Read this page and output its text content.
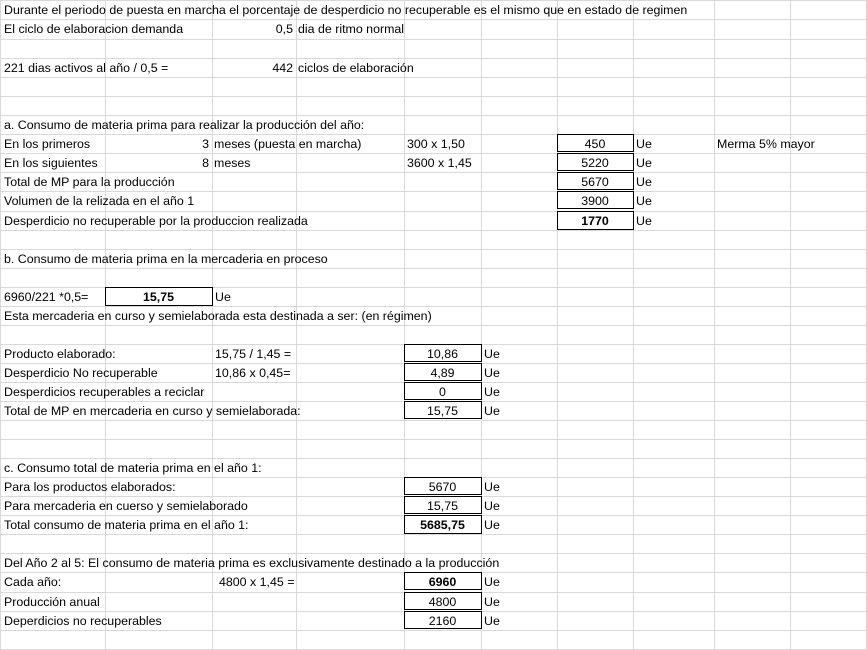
Durante el periodo de puesta en marcha el porcentaje de desperdicio no recuperable es el mismo que en estado de regimen
El ciclo de elaboracion demanda	0,5 dia de ritmo normal
221 dias activos al año / 0,5 =	442 ciclos de elaboración
a. Consumo de materia prima para realizar la producción del año:
En los primeros	3 meses (puesta en marcha)	300 x 1,50	450	Ue	Merma 5% mayor
En los siguientes	8 meses	3600 x 1,45	5220	Ue
Total de MP para la producción	5670	Ue
Volumen de la relizada en el año 1	3900	Ue
Desperdicio no recuperable por la produccion realizada	1770	Ue
b. Consumo de materia prima en la mercaderia en proceso
6960/221 *0,5=	15,75	Ue
Esta mercaderia en curso y semielaborada esta destinada a ser: (en régimen)
Producto elaborado:	15,75 / 1,45 =	10,86	Ue
Desperdicio No recuperable	10,86 x 0,45=	4,89	Ue
Desperdicios recuperables a reciclar	0	Ue
Total de MP en mercaderia en curso y semielaborada:	15,75	Ue
c. Consumo total de materia prima en el año 1:
Para los productos elaborados:	5670	Ue
Para mercaderia en cuerso y semielaborado	15,75	Ue
Total consumo de materia prima en el año 1:	5685,75	Ue
Del Año 2 al 5: El consumo de materia prima es exclusivamente destinado a la producción
Cada año:	4800 x 1,45 =	6960	Ue
Producción anual	4800	Ue
Deperdicios no recuperables	2160	Ue
